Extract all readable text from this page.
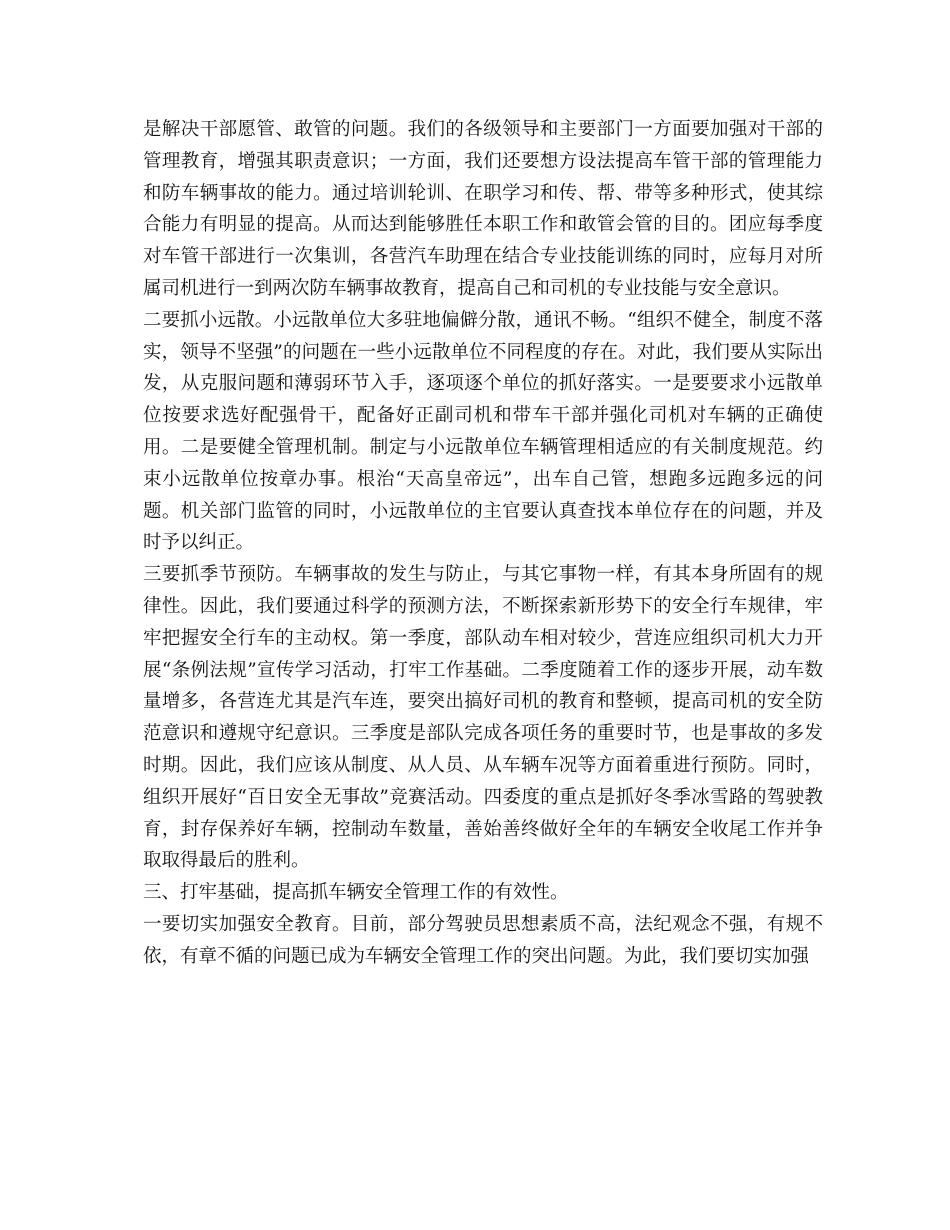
是解决干部愿管、敢管的问题。我们的各级领导和主要部门一方面要加强对干部的管理教育，增强其职责意识；一方面，我们还要想方设法提高车管干部的管理能力和防车辆事故的能力。通过培训轮训、在职学习和传、帮、带等多种形式，使其综合能力有明显的提高。从而达到能够胜任本职工作和敢管会管的目的。团应每季度对车管干部进行一次集训，各营汽车助理在结合专业技能训练的同时，应每月对所属司机进行一到两次防车辆事故教育，提高自己和司机的专业技能与安全意识。

二要抓小远散。小远散单位大多驻地偏僻分散，通讯不畅。“组织不健全，制度不落实，领导不坚强”的问题在一些小远散单位不同程度的存在。对此，我们要从实际出发，从克服问题和薄弱环节入手，逐项逐个单位的抓好落实。一是要要求小远散单位按要求选好配强骨干，配备好正副司机和带车干部并强化司机对车辆的正确使用。二是要健全管理机制。制定与小远散单位车辆管理相适应的有关制度规范。约束小远散单位按章办事。根治“天高皇帝远”，出车自己管，想跑多远跑多远的问题。机关部门监管的同时，小远散单位的主官要认真查找本单位存在的问题，并及时予以纠正。

三要抓季节预防。车辆事故的发生与防止，与其它事物一样，有其本身所固有的规律性。因此，我们要通过科学的预测方法，不断探索新形势下的安全行车规律，牢牢把握安全行车的主动权。第一季度，部队动车相对较少，营连应组织司机大力开展“条例法规”宣传学习活动，打牢工作基础。二季度随着工作的逐步开展，动车数量增多，各营连尤其是汽车连，要突出搞好司机的教育和整顿，提高司机的安全防范意识和遵规守纪意识。三季度是部队完成各项任务的重要时节，也是事故的多发时期。因此，我们应该从制度、从人员、从车辆车况等方面着重进行预防。同时，组织开展好“百日安全无事故”竞赛活动。四委度的重点是抓好冬季冰雪路的驾驶教育，封存保养好车辆，控制动车数量，善始善终做好全年的车辆安全收尾工作并争取取得最后的胜利。

三、打牢基础，提高抓车辆安全管理工作的有效性。

一要切实加强安全教育。目前，部分驾驶员思想素质不高，法纪观念不强，有规不依，有章不循的问题已成为车辆安全管理工作的突出问题。为此，我们要切实加强
